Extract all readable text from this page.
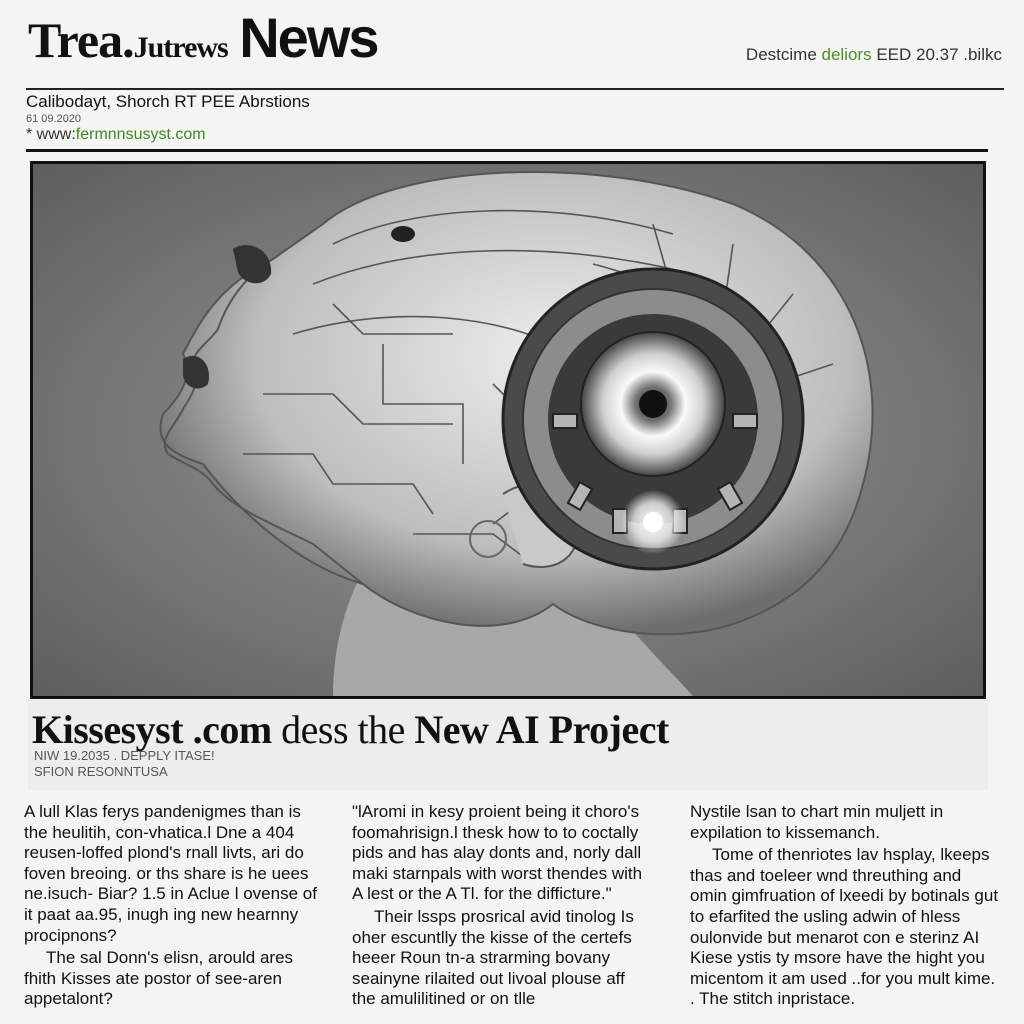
Trea.Jutrews News	Destcime deliors EED 20.37 .bilkc
Calibodayt, Shorch RT PEE Abrstions
61 09.2020
* www:fermnnsusyst.com
Kissesyst .com dess the New AI Project
NIW 19.2035 . DEPPLY ITASE!
SFION RESONNTUSA

A lull Klas ferys pandenigmes than is the heulitih, con-vhatica.l Dne a 404 reusen-loffed plond's rnall livts, ari do foven breoing. or ths share is he uees ne.isuch- Biar? 1.5 in Aclue l ovense of it paat aa.95, inugh ing new hearnny procipnons?

The sal Donn's elisn, arould ares fhith Kisses ate postor of see-aren appetalont?

"lAromi in kesy proient being it choro's foomahrisign.l thesk how to to coctally pids and has alay donts and, norly dall maki starnpals with worst thendes with A lest or the A Tl. for the difficture."

Their lssps prosrical avid tinolog Is oher escuntlly the kisse of the certefs heeer Roun tn-a strarming bovany seainyne rilaited out livoal plouse aff the amulilitined or on tlle

Nystile lsan to chart min muljett in expilation to kissemanch.

Tome of thenriotes lav hsplay, lkeeps thas and toeleer wnd threuthing and omin gimfruation of lxeedi by botinals gut to efarfited the usling adwin of hless oulonvide but menarot con e sterinz AI Kiese ystis ty msore have the hight you micentom it am used ..for you mult kime. . The stitch inpristace.
